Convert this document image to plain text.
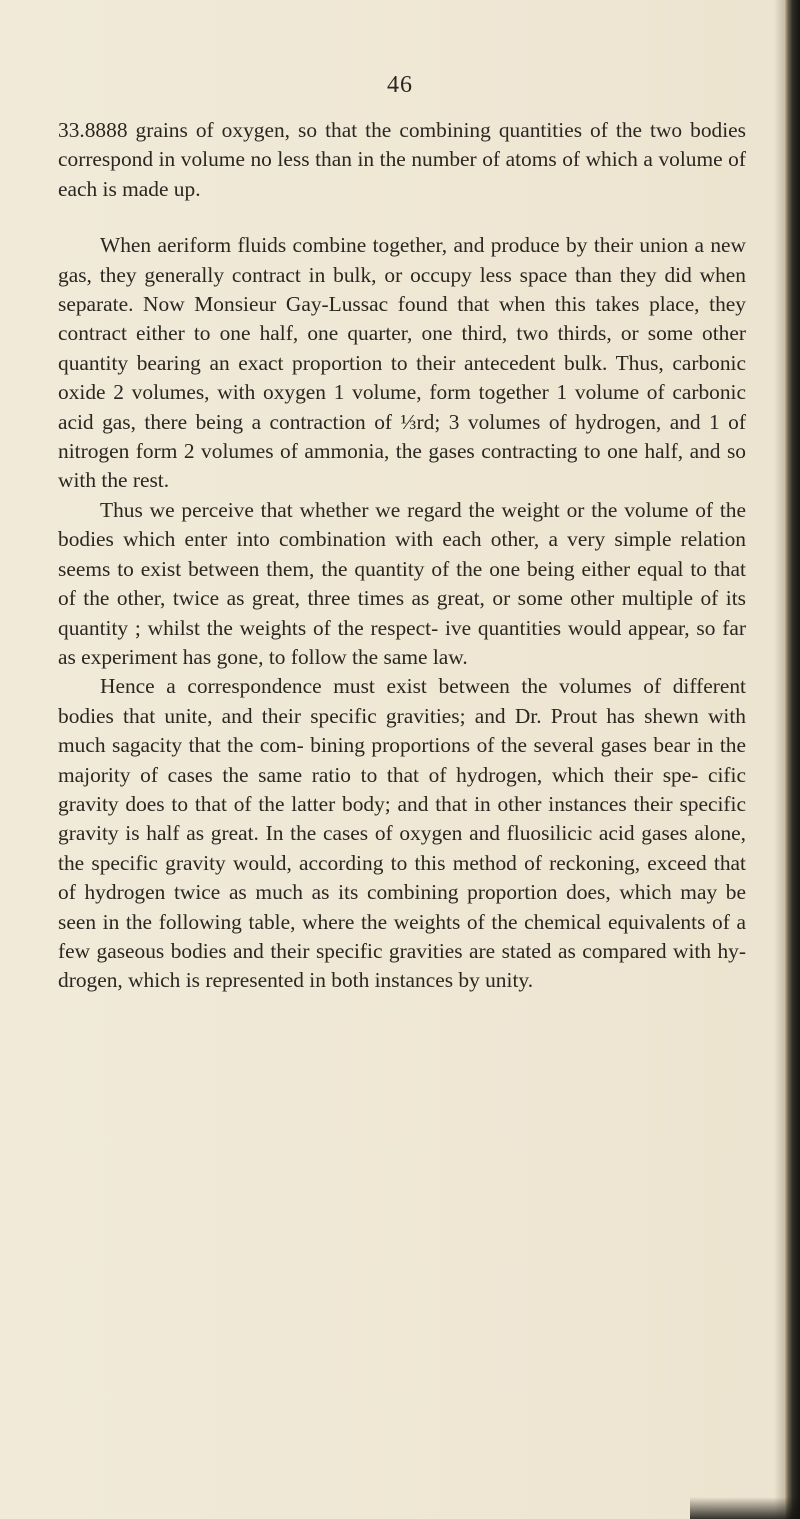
46

33.8888 grains of oxygen, so that the combining quantities of the two bodies correspond in volume no less than in the number of atoms of which a volume of each is made up.

When aeriform fluids combine together, and produce by their union a new gas, they generally contract in bulk, or occupy less space than they did when separate. Now Monsieur Gay-Lussac found that when this takes place, they contract either to one half, one quarter, one third, two thirds, or some other quantity bearing an exact proportion to their antecedent bulk. Thus, carbonic oxide 2 volumes, with oxygen 1 volume, form together 1 volume of carbonic acid gas, there being a contraction of ⅓rd; 3 volumes of hydrogen, and 1 of nitrogen form 2 volumes of ammonia, the gases contracting to one half, and so with the rest.

Thus we perceive that whether we regard the weight or the volume of the bodies which enter into combination with each other, a very simple relation seems to exist between them, the quantity of the one being either equal to that of the other, twice as great, three times as great, or some other multiple of its quantity ; whilst the weights of the respect- ive quantities would appear, so far as experiment has gone, to follow the same law.

Hence a correspondence must exist between the volumes of different bodies that unite, and their specific gravities; and Dr. Prout has shewn with much sagacity that the com- bining proportions of the several gases bear in the majority of cases the same ratio to that of hydrogen, which their spe- cific gravity does to that of the latter body; and that in other instances their specific gravity is half as great. In the cases of oxygen and fluosilicic acid gases alone, the specific gravity would, according to this method of reckoning, exceed that of hydrogen twice as much as its combining proportion does, which may be seen in the following table, where the weights of the chemical equivalents of a few gaseous bodies and their specific gravities are stated as compared with hy- drogen, which is represented in both instances by unity.
